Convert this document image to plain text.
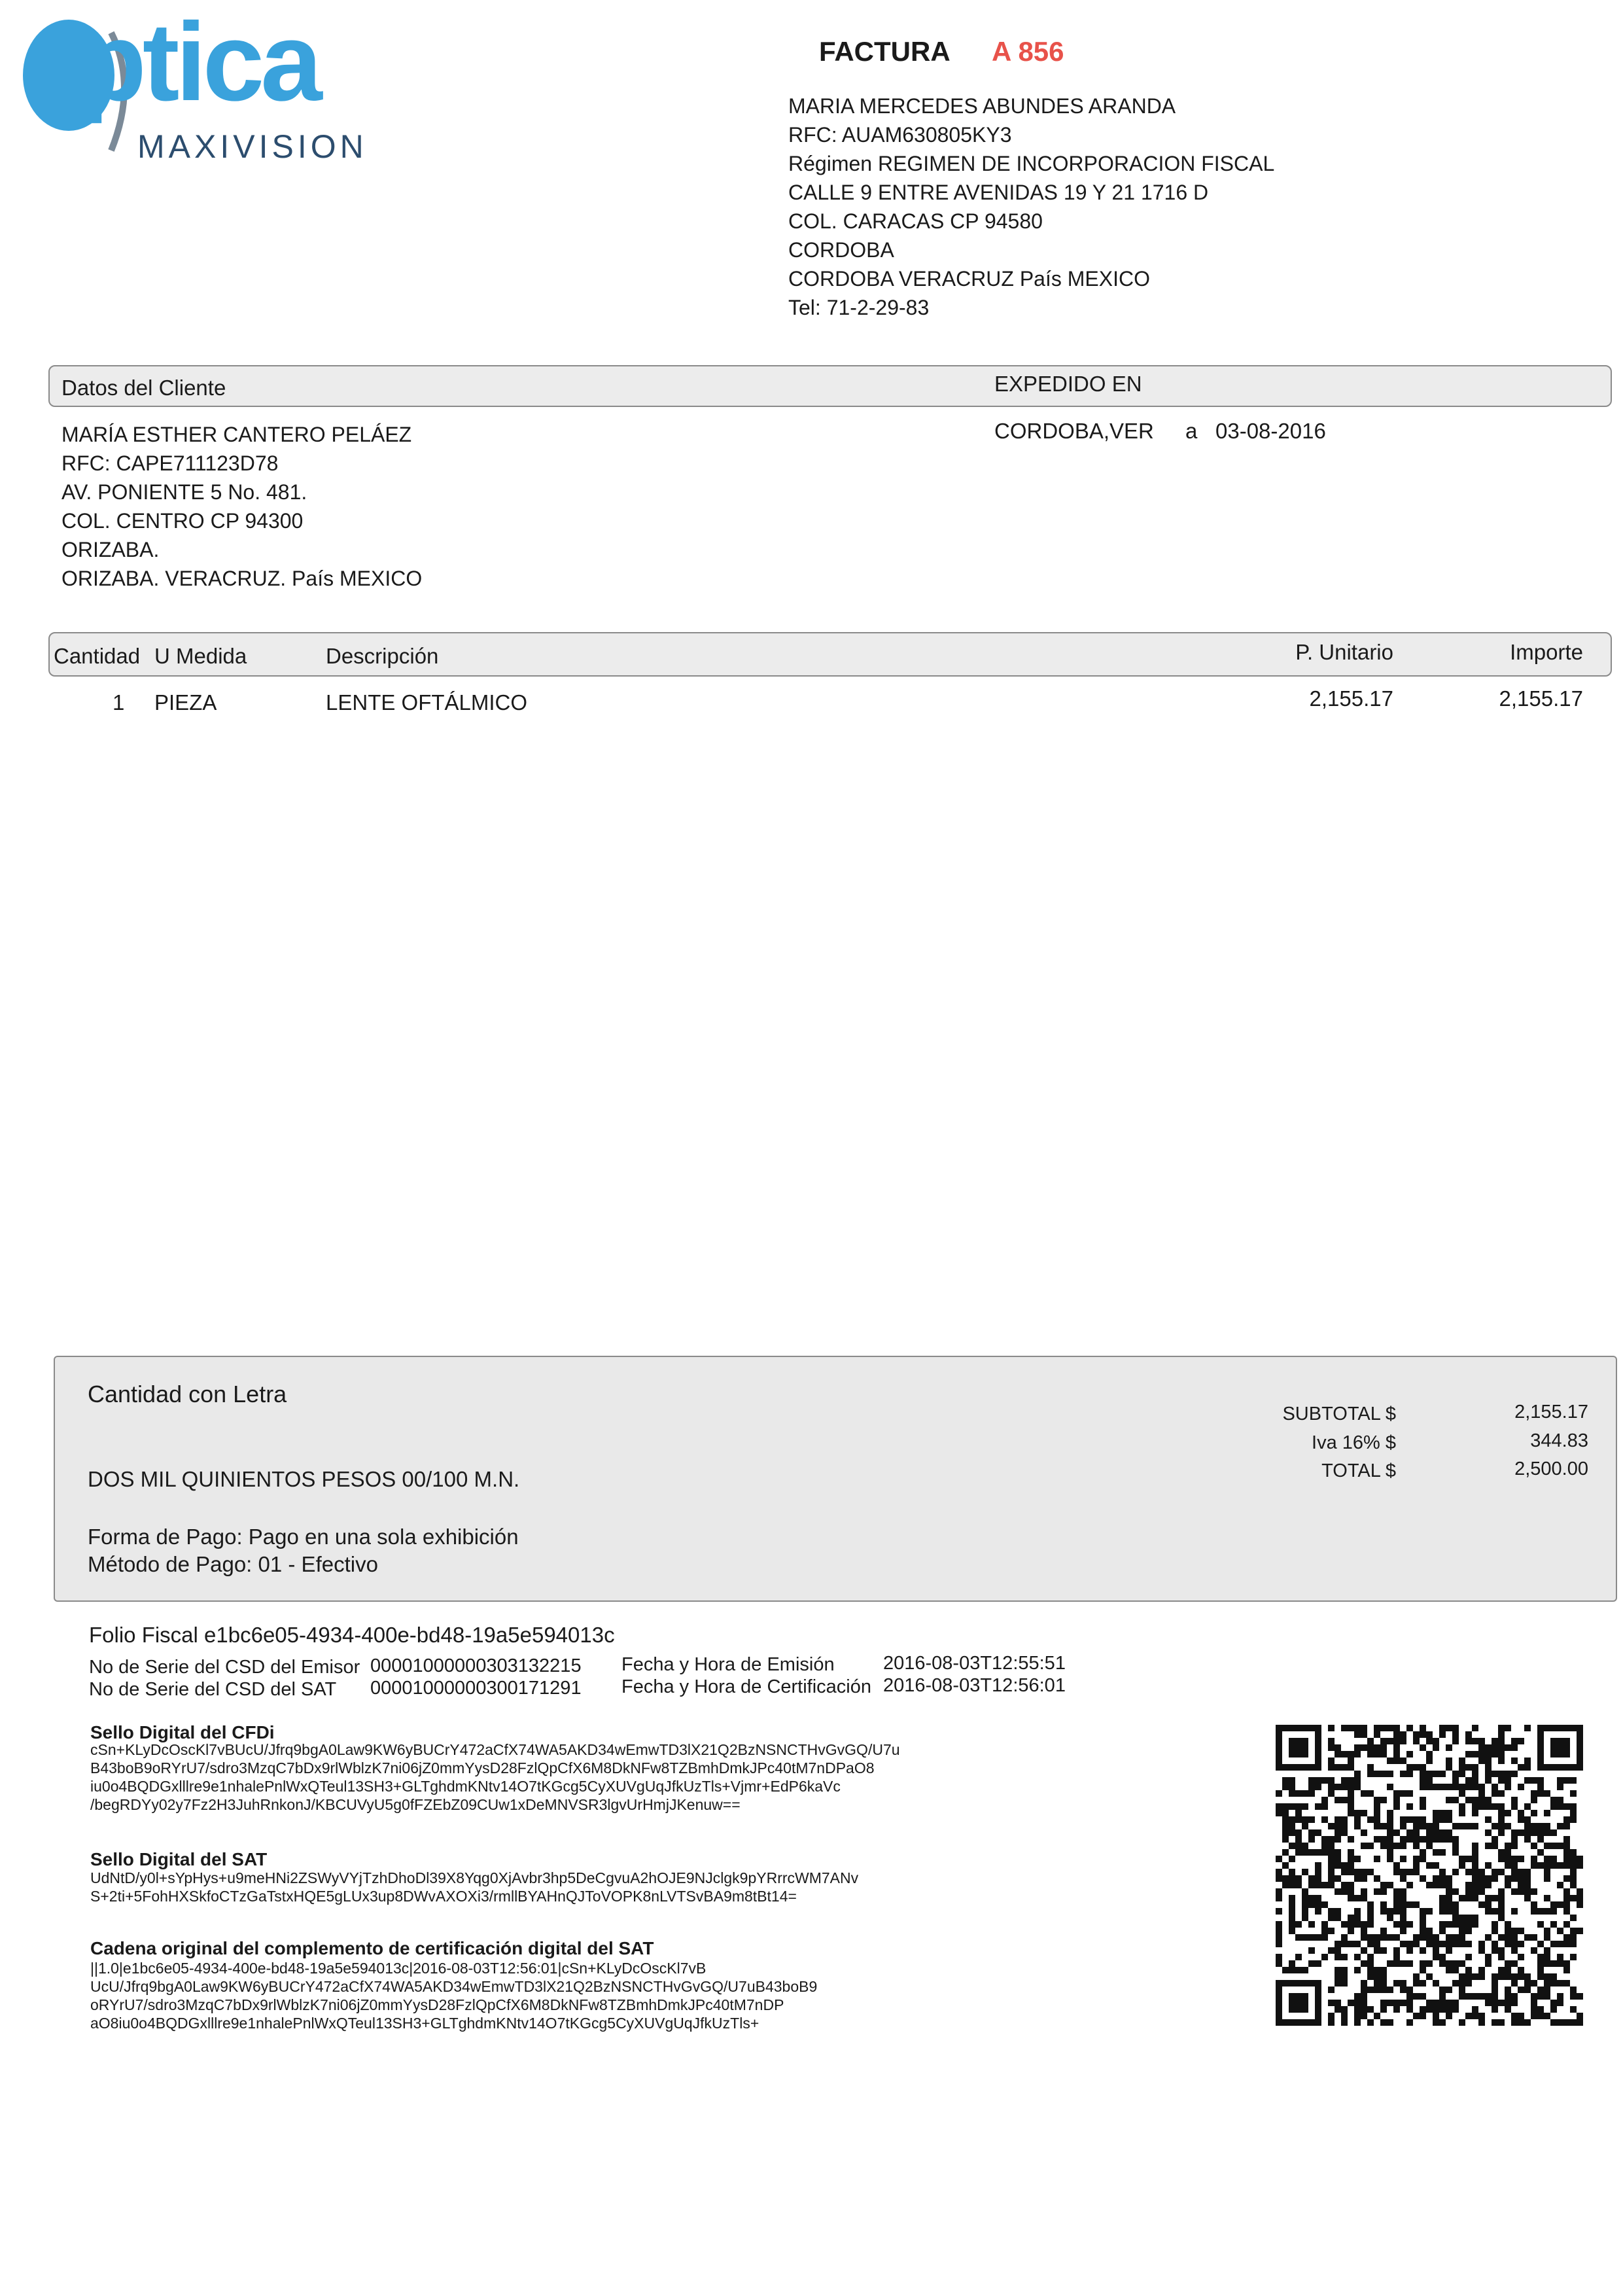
ptica
MAXIVISION
FACTURA A 856
MARIA MERCEDES ABUNDES ARANDA
RFC: AUAM630805KY3
Régimen REGIMEN DE INCORPORACION FISCAL
CALLE 9 ENTRE AVENIDAS 19 Y 21 1716 D
COL. CARACAS CP 94580
CORDOBA
CORDOBA VERACRUZ País MEXICO
Tel: 71-2-29-83
Datos del Cliente	EXPEDIDO EN
MARÍA ESTHER CANTERO PELÁEZ
RFC: CAPE711123D78
AV. PONIENTE 5 No. 481.
COL. CENTRO CP 94300
ORIZABA.
ORIZABA. VERACRUZ. País MEXICO
CORDOBA,VER a 03-08-2016
Cantidad U Medida	Descripción	P. Unitario	Importe
1 PIEZA	LENTE OFTÁLMICO	2,155.17	2,155.17
Cantidad con Letra
DOS MIL QUINIENTOS PESOS 00/100 M.N.
Forma de Pago: Pago en una sola exhibición
Método de Pago: 01 - Efectivo
SUBTOTAL $	2,155.17
Iva 16% $	344.83
TOTAL $	2,500.00
Folio Fiscal e1bc6e05-4934-400e-bd48-19a5e594013c
No de Serie del CSD del Emisor 00001000000303132215
No de Serie del CSD del SAT 00001000000300171291
Fecha y Hora de Emisión	2016-08-03T12:55:51
Fecha y Hora de Certificación 2016-08-03T12:56:01
Sello Digital del CFDi
cSn+KLyDcOscKl7vBUcU/Jfrq9bgA0Law9KW6yBUCrY472aCfX74WA5AKD34wEmwTD3lX21Q2BzNSNCTHvGvGQ/U7u
B43boB9oRYrU7/sdro3MzqC7bDx9rlWblzK7ni06jZ0mmYysD28FzlQpCfX6M8DkNFw8TZBmhDmkJPc40tM7nDPaO8
iu0o4BQDGxlllre9e1nhalePnlWxQTeul13SH3+GLTghdmKNtv14O7tKGcg5CyXUVgUqJfkUzTls+Vjmr+EdP6kaVc
/begRDYy02y7Fz2H3JuhRnkonJ/KBCUVyU5g0fFZEbZ09CUw1xDeMNVSR3lgvUrHmjJKenuw==
Sello Digital del SAT
UdNtD/y0l+sYpHys+u9meHNi2ZSWyVYjTzhDhoDl39X8Yqg0XjAvbr3hp5DeCgvuA2hOJE9NJclgk9pYRrrcWM7ANv
S+2ti+5FohHXSkfoCTzGaTstxHQE5gLUx3up8DWvAXOXi3/rmllBYAHnQJToVOPK8nLVTSvBA9m8tBt14=
Cadena original del complemento de certificación digital del SAT
||1.0|e1bc6e05-4934-400e-bd48-19a5e594013c|2016-08-03T12:56:01|cSn+KLyDcOscKl7vB
UcU/Jfrq9bgA0Law9KW6yBUCrY472aCfX74WA5AKD34wEmwTD3lX21Q2BzNSNCTHvGvGQ/U7uB43boB9
oRYrU7/sdro3MzqC7bDx9rlWblzK7ni06jZ0mmYysD28FzlQpCfX6M8DkNFw8TZBmhDmkJPc40tM7nDP
aO8iu0o4BQDGxlllre9e1nhalePnlWxQTeul13SH3+GLTghdmKNtv14O7tKGcg5CyXUVgUqJfkUzTls+
